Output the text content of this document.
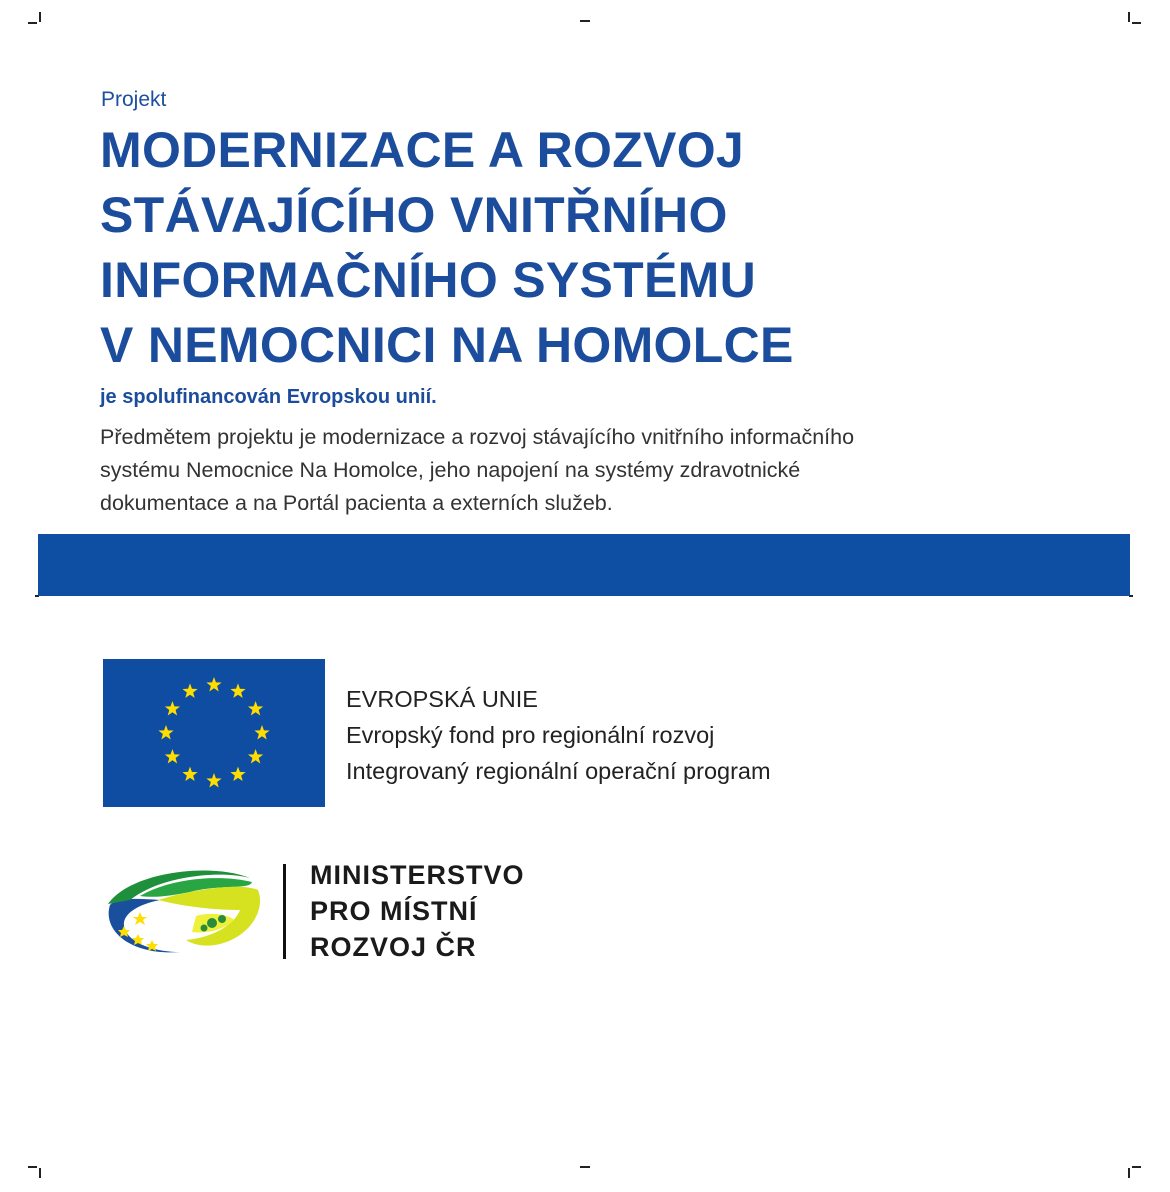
Projekt
MODERNIZACE A ROZVOJ
STÁVAJÍCÍHO VNITŘNÍHO
INFORMAČNÍHO SYSTÉMU
V NEMOCNICI NA HOMOLCE
je spolufinancován Evropskou unií.
Předmětem projektu je modernizace a rozvoj stávajícího vnitřního informačního
systému Nemocnice Na Homolce, jeho napojení na systémy zdravotnické
dokumentace a na Portál pacienta a externích služeb.
EVROPSKÁ UNIE
Evropský fond pro regionální rozvoj
Integrovaný regionální operační program
MINISTERSTVO
PRO MÍSTNÍ
ROZVOJ ČR
